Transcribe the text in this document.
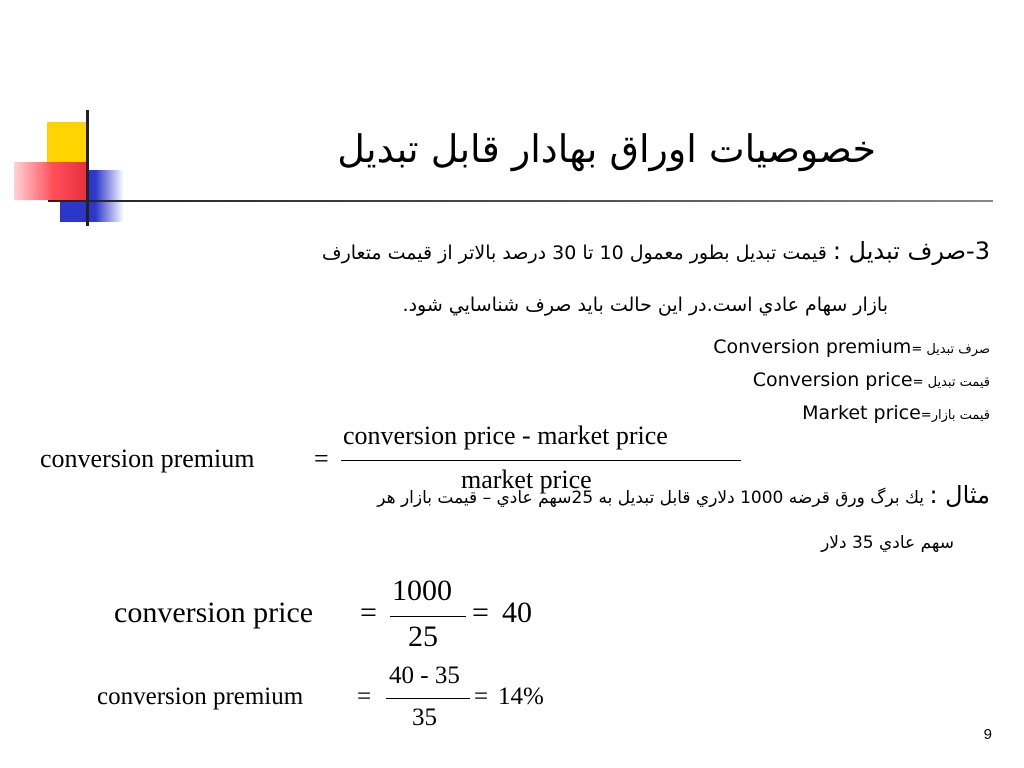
خصوصیات اوراق بهادار قابل تبدیل
3-صرف تبدیل : قیمت تبدیل بطور معمول 10 تا 30 درصد بالاتر از قیمت متعارف
بازار سهام عادي است.در این حالت باید صرف شناسایي شود.
صرف تبدیل =Conversion premium
قیمت تبدیل =Conversion price
قیمت بازار=Market price
conversion premium =
conversion price - market price
market price
مثال : يك برگ ورق قرضه 1000 دلاري قابل تبدیل به 25سهم عادي – قیمت بازار هر
سهم عادي 35 دلار
conversion price =
1000
25
= 40
conversion premium =
40 - 35
35
= 14%
9
